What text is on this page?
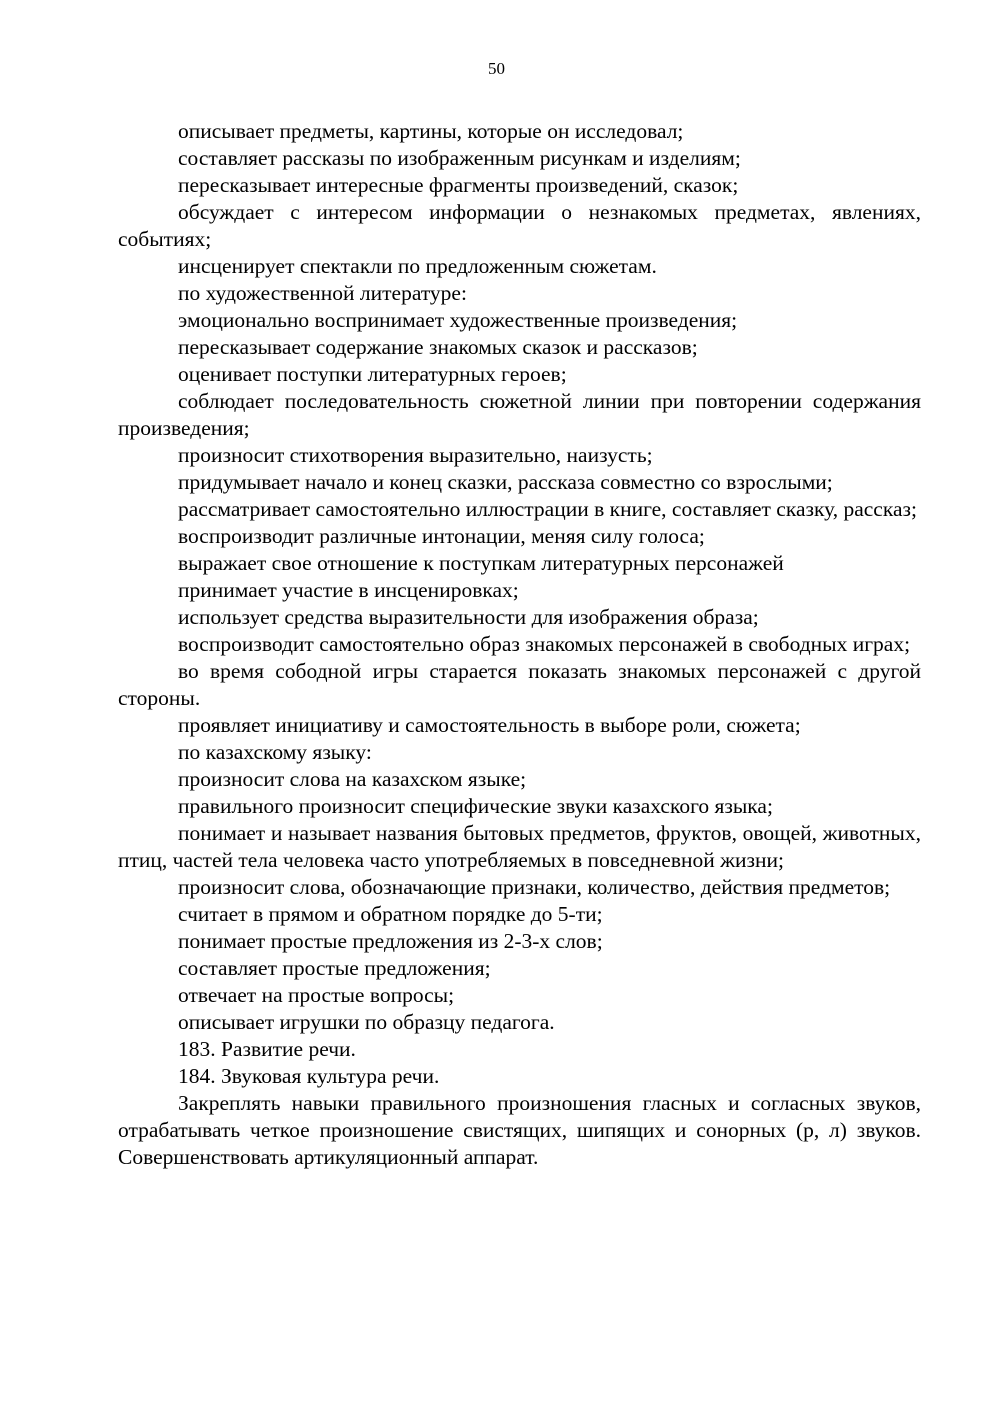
50

описывает предметы, картины, которые он исследовал;

составляет рассказы по изображенным рисункам и изделиям;

пересказывает интересные фрагменты произведений, сказок;

обсуждает с интересом информации о незнакомых предметах, явлениях, событиях;

инсценирует спектакли по предложенным сюжетам.

по художественной литературе:

эмоционально воспринимает художественные произведения;

пересказывает содержание знакомых сказок и рассказов;

оценивает поступки литературных героев;

соблюдает последовательность сюжетной линии при повторении содержания произведения;

произносит стихотворения выразительно, наизусть;

придумывает начало и конец сказки, рассказа совместно со взрослыми;

рассматривает самостоятельно иллюстрации в книге, составляет сказку, рассказ;

воспроизводит различные интонации, меняя силу голоса;

выражает свое отношение к поступкам литературных персонажей

принимает участие в инсценировках;

использует средства выразительности для изображения образа;

воспроизводит самостоятельно образ знакомых персонажей в свободных играх;

во время сободной игры старается показать знакомых персонажей с другой стороны.

проявляет инициативу и самостоятельность в выборе роли, сюжета;

по казахскому языку:

произносит слова на казахском языке;

правильного произносит специфические звуки казахского языка;

понимает и называет названия бытовых предметов, фруктов, овощей, животных, птиц, частей тела человека часто употребляемых в повседневной жизни;

произносит слова, обозначающие признаки, количество, действия предметов;

считает в прямом и обратном порядке до 5-ти;

понимает простые предложения из 2-3-х слов;

составляет простые предложения;

отвечает на простые вопросы;

описывает игрушки по образцу педагога.

183. Развитие речи.

184. Звуковая культура речи.

Закреплять навыки правильного произношения гласных и согласных звуков, отрабатывать четкое произношение свистящих, шипящих и сонорных (р, л) звуков. Совершенствовать артикуляционный аппарат.
